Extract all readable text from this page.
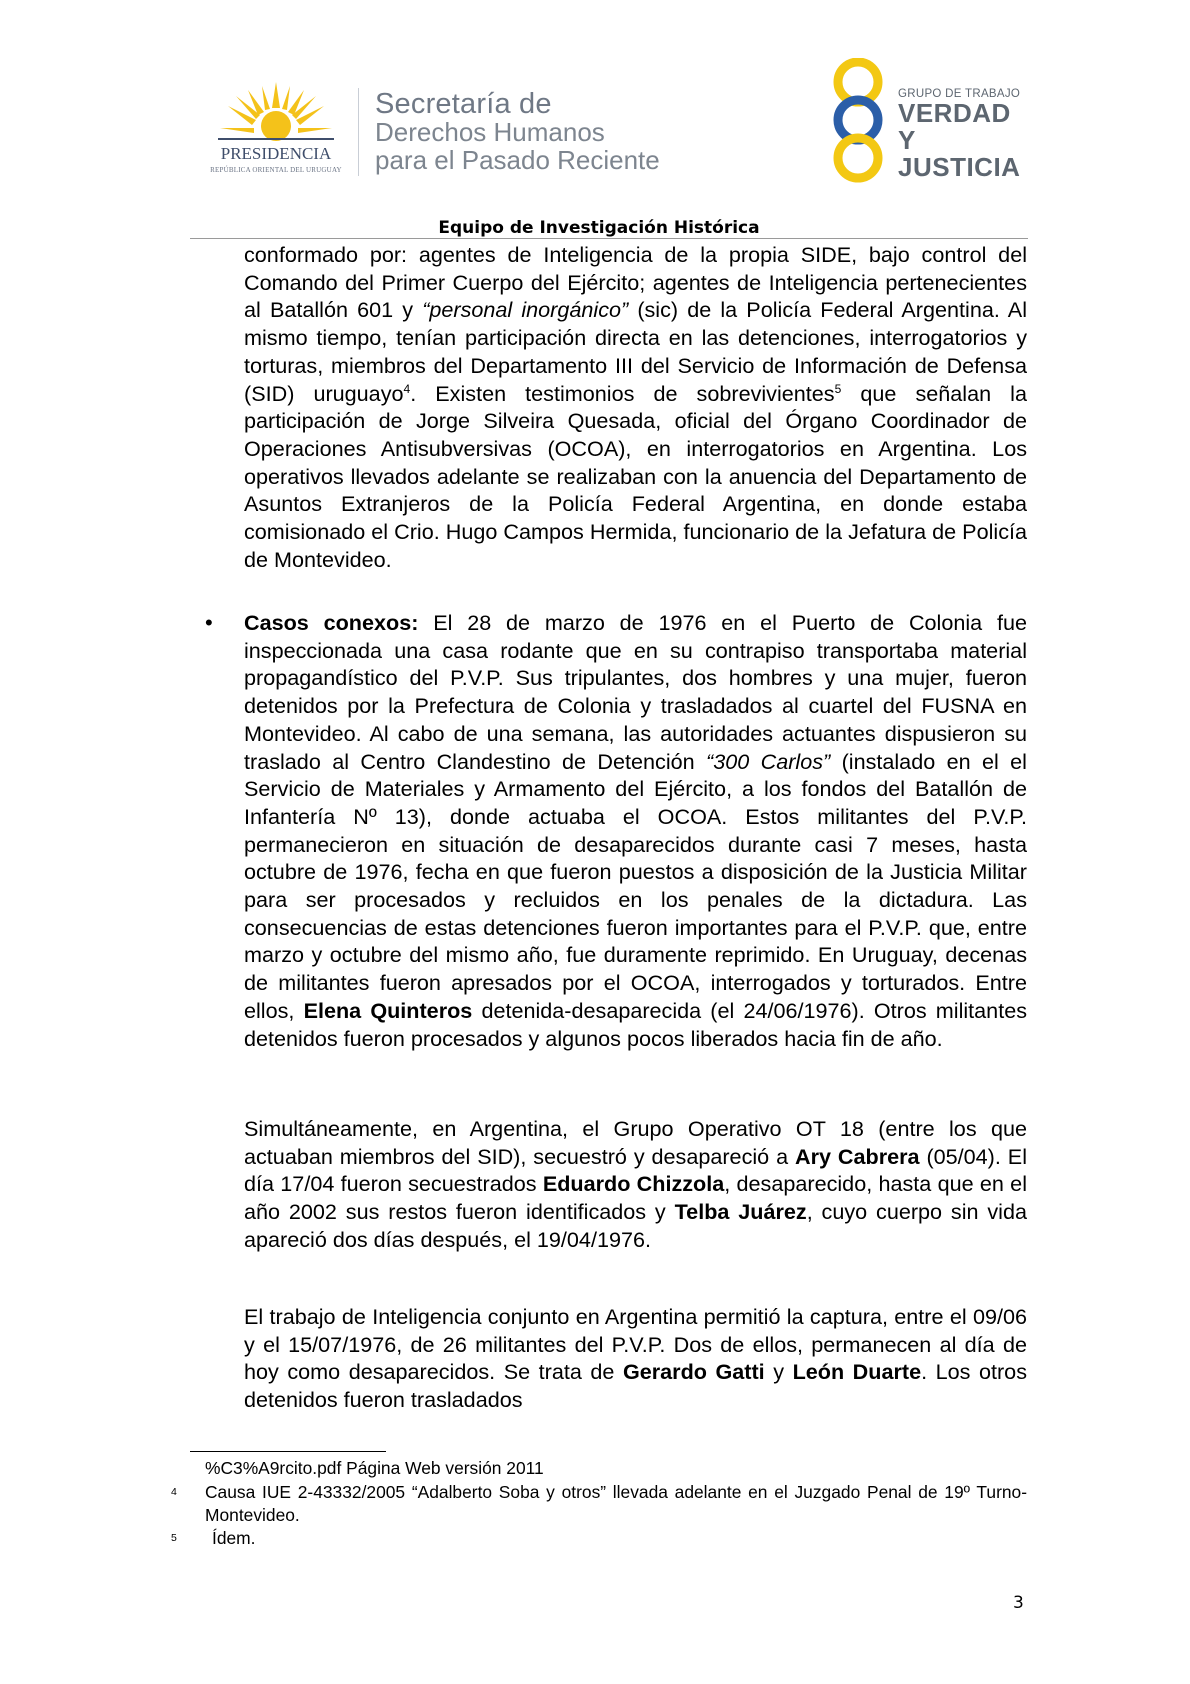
PRESIDENCIA
REPÚBLICA ORIENTAL DEL URUGUAY
Secretaría de
Derechos Humanos
para el Pasado Reciente
GRUPO DE TRABAJO
VERDAD Y
JUSTICIA
Equipo de Investigación Histórica
conformado por: agentes de Inteligencia de la propia SIDE, bajo control del Comando del Primer Cuerpo del Ejército; agentes de Inteligencia pertenecientes al Batallón 601 y “personal inorgánico” (sic) de la Policía Federal Argentina. Al mismo tiempo, tenían participación directa en las detenciones, interrogatorios y torturas, miembros del Departamento III del Servicio de Información de Defensa (SID) uruguayo$^4$. Existen testimonios de sobrevivientes$^5$ que señalan la participación de Jorge Silveira Quesada, oficial del Órgano Coordinador de Operaciones Antisubversivas (OCOA), en interrogatorios en Argentina. Los operativos llevados adelante se realizaban con la anuencia del Departamento de Asuntos Extranjeros de la Policía Federal Argentina, en donde estaba comisionado el Crio. Hugo Campos Hermida, funcionario de la Jefatura de Policía de Montevideo.
• Casos conexos: El 28 de marzo de 1976 en el Puerto de Colonia fue inspeccionada una casa rodante que en su contrapiso transportaba material propagandístico del P.V.P. Sus tripulantes, dos hombres y una mujer, fueron detenidos por la Prefectura de Colonia y trasladados al cuartel del FUSNA en Montevideo. Al cabo de una semana, las autoridades actuantes dispusieron su traslado al Centro Clandestino de Detención “300 Carlos” (instalado en el el Servicio de Materiales y Armamento del Ejército, a los fondos del Batallón de Infantería Nº 13), donde actuaba el OCOA. Estos militantes del P.V.P. permanecieron en situación de desaparecidos durante casi 7 meses, hasta octubre de 1976, fecha en que fueron puestos a disposición de la Justicia Militar para ser procesados y recluidos en los penales de la dictadura. Las consecuencias de estas detenciones fueron importantes para el P.V.P. que, entre marzo y octubre del mismo año, fue duramente reprimido. En Uruguay, decenas de militantes fueron apresados por el OCOA, interrogados y torturados. Entre ellos, Elena Quinteros detenida-desaparecida (el 24/06/1976). Otros militantes detenidos fueron procesados y algunos pocos liberados hacia fin de año.
Simultáneamente, en Argentina, el Grupo Operativo OT 18 (entre los que actuaban miembros del SID), secuestró y desapareció a Ary Cabrera (05/04). El día 17/04 fueron secuestrados Eduardo Chizzola, desaparecido, hasta que en el año 2002 sus restos fueron identificados y Telba Juárez, cuyo cuerpo sin vida apareció dos días después, el 19/04/1976.
El trabajo de Inteligencia conjunto en Argentina permitió la captura, entre el 09/06 y el 15/07/1976, de 26 militantes del P.V.P. Dos de ellos, permanecen al día de hoy como desaparecidos. Se trata de Gerardo Gatti y León Duarte. Los otros detenidos fueron trasladados
%C3%A9rcito.pdf Página Web versión 2011
4 Causa IUE 2-43332/2005 “Adalberto Soba y otros” llevada adelante en el Juzgado Penal de 19º Turno-Montevideo.
5 Ídem.
3
